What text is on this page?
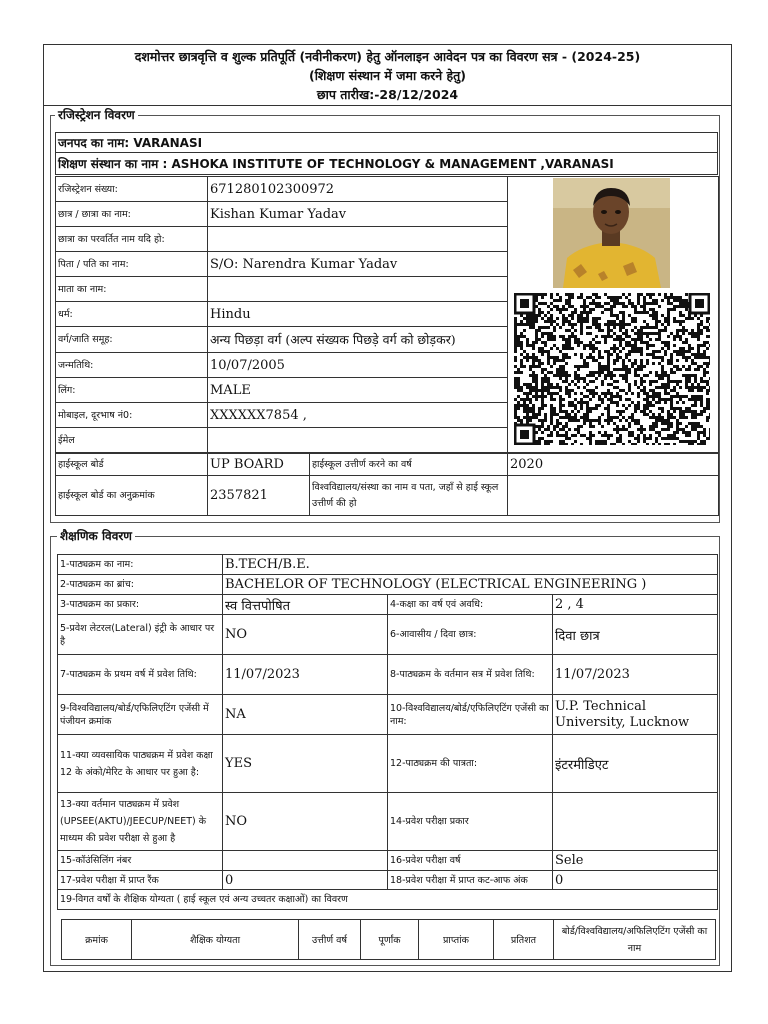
दशमोत्तर छात्रवृत्ति व शुल्क प्रतिपूर्ति (नवीनीकरण) हेतु ऑनलाइन आवेदन पत्र का विवरण सत्र - (2024-25)
(शिक्षण संस्थान में जमा करने हेतु)
छाप तारीख:-28/12/2024
रजिस्ट्रेशन विवरण
जनपद का नाम: VARANASI
शिक्षण संस्थान का नाम : ASHOKA INSTITUTE OF TECHNOLOGY & MANAGEMENT ,VARANASI
रजिस्ट्रेशन संख्या:	671280102300972	
छात्र / छात्रा का नाम:	Kishan Kumar Yadav	
छात्रा का परवर्तित नाम यदि हो:		
पिता / पति का नाम:	S/O: Narendra Kumar Yadav	
माता का नाम:		
धर्म:	Hindu	
वर्ग/जाति समूह:	अन्य पिछड़ा वर्ग (अल्प संख्यक पिछड़े वर्ग को छोड़कर)	
जन्मतिथि:	10/07/2005	
लिंग:	MALE	
मोबाइल, दूरभाष नं0:	XXXXXX7854 ,	
ईमेल		
हाईस्कूल बोर्ड	UP BOARD	हाईस्कूल उत्तीर्ण करने का वर्ष	2020
हाईस्कूल बोर्ड का अनुक्रमांक	2357821	विश्वविद्यालय/संस्था का नाम व पता, जहाँ से हाई स्कूल उत्तीर्ण की हो	
शैक्षणिक विवरण
1-पाठ्यक्रम का नाम:	B.TECH/B.E.		
2-पाठ्यक्रम का ब्रांच:	BACHELOR OF TECHNOLOGY (ELECTRICAL ENGINEERING )		
3-पाठ्यक्रम का प्रकार:	स्व वित्तपोषित	4-कक्षा का वर्ष एवं अवधि:	2 , 4
5-प्रवेश लेटरल(Lateral) इंट्री के आधार पर है	NO	6-आवासीय / दिवा छात्र:	दिवा छात्र
7-पाठ्यक्रम के प्रथम वर्ष में प्रवेश तिथि:	11/07/2023	8-पाठ्यक्रम के वर्तमान सत्र में प्रवेश तिथि:	11/07/2023
9-विश्वविद्यालय/बोर्ड/एफिलिएटिंग एजेंसी में पंजीयन क्रमांक	NA	10-विश्वविद्यालय/बोर्ड/एफिलिएटिंग एजेंसी का नाम:	U.P. Technical University, Lucknow
11-क्या व्यवसायिक पाठ्यक्रम में प्रवेश कक्षा 12 के अंको/मेरिट के आधार पर हुआ है:	YES	12-पाठ्यक्रम की पात्रता:	इंटरमीडिएट
13-क्या वर्तमान पाठ्यक्रम में प्रवेश (UPSEE(AKTU)/JEECUP/NEET) के माध्यम की प्रवेश परीक्षा से हुआ है	NO	14-प्रवेश परीक्षा प्रकार	
15-कॉउंसिलिंग नंबर		16-प्रवेश परीक्षा वर्ष	Sele
17-प्रवेश परीक्षा में प्राप्त रैंक	0	18-प्रवेश परीक्षा में प्राप्त कट-आफ अंक	0
19-विगत वर्षों के शैक्षिक योग्यता ( हाई स्कूल एवं अन्य उच्चतर कक्षाओं) का विवरण			
क्रमांक	शैक्षिक योग्यता	उत्तीर्ण वर्ष	पूर्णांक	प्राप्तांक	प्रतिशत	बोर्ड/विश्वविद्यालय/अफिलिएटिंग एजेंसी का नाम
